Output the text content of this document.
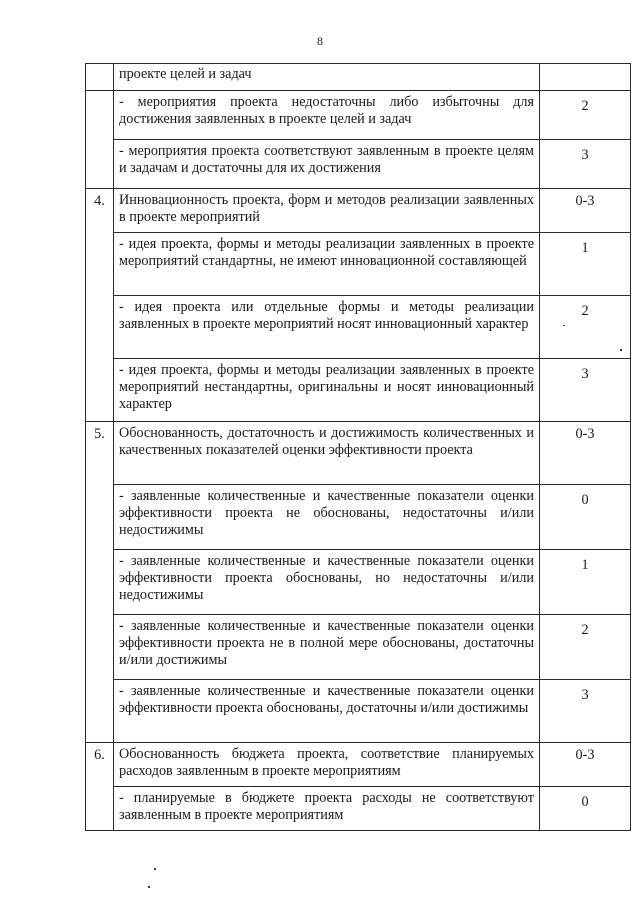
8
	проекте целей и задач	
	- мероприятия проекта недостаточны либо избыточны для достижения заявленных в проекте целей и задач	2
	- мероприятия проекта соответствуют заявленным в проекте целям и задачам и достаточны для их достижения	3
4.	Инновационность проекта, форм и методов реализации заявленных в проекте мероприятий	0-3
	- идея проекта, формы и методы реализации заявленных в проекте мероприятий стандартны, не имеют инновационной составляющей	1
	- идея проекта или отдельные формы и методы реализации заявленных в проекте мероприятий носят инновационный характер	2
	- идея проекта, формы и методы реализации заявленных в проекте мероприятий нестандартны, оригинальны и носят инновационный характер	3
5.	Обоснованность, достаточность и достижимость количественных и качественных показателей оценки эффективности проекта	0-3
	- заявленные количественные и качественные показатели оценки эффективности проекта не обоснованы, недостаточны и/или недостижимы	0
	- заявленные количественные и качественные показатели оценки эффективности проекта обоснованы, но недостаточны и/или недостижимы	1
	- заявленные количественные и качественные показатели оценки эффективности проекта не в полной мере обоснованы, достаточны и/или достижимы	2
	- заявленные количественные и качественные показатели оценки эффективности проекта обоснованы, достаточны и/или достижимы	3
6.	Обоснованность бюджета проекта, соответствие планируемых расходов заявленным в проекте мероприятиям	0-3
	- планируемые в бюджете проекта расходы не соответствуют заявленным в проекте мероприятиям	0
